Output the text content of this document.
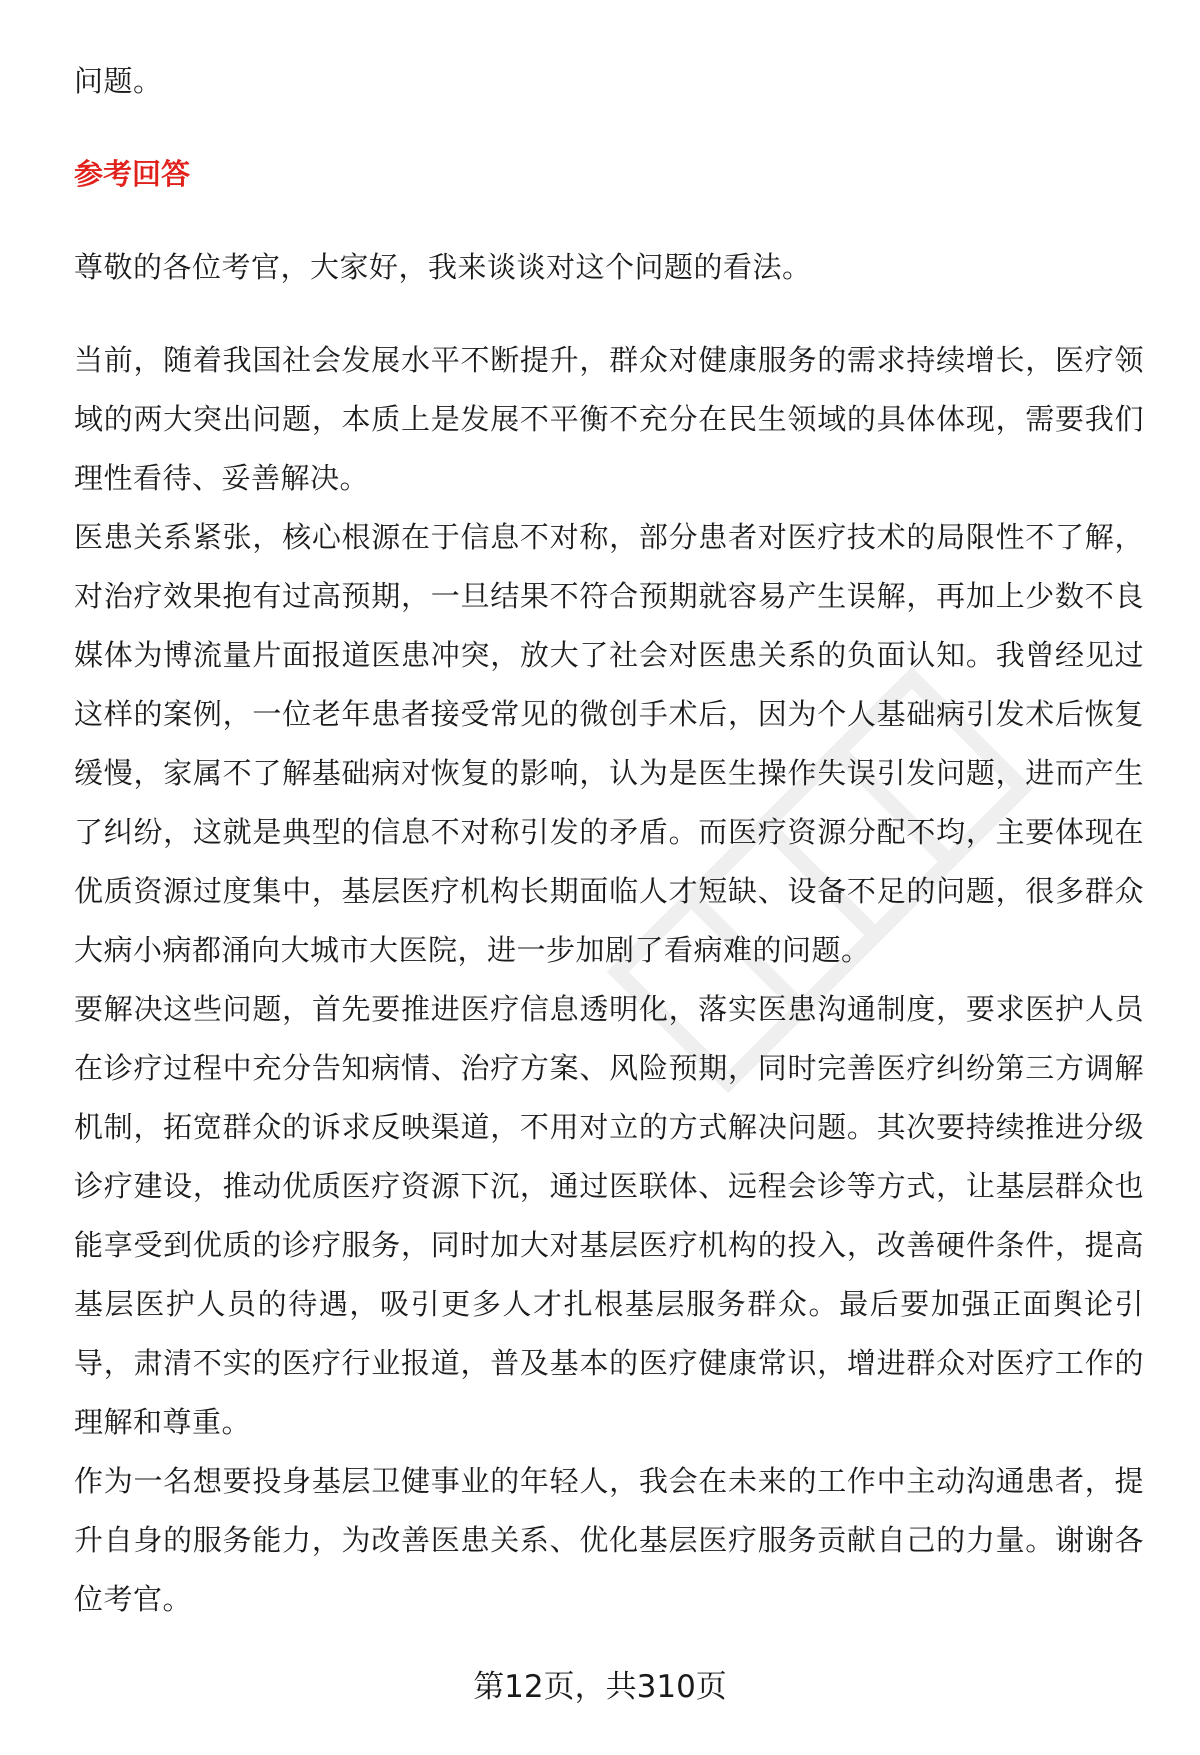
问题。

参考回答

尊敬的各位考官，大家好，我来谈谈对这个问题的看法。

当前，随着我国社会发展水平不断提升，群众对健康服务的需求持续增长，医疗领域的两大突出问题，本质上是发展不平衡不充分在民生领域的具体体现，需要我们理性看待、妥善解决。

医患关系紧张，核心根源在于信息不对称，部分患者对医疗技术的局限性不了解，对治疗效果抱有过高预期，一旦结果不符合预期就容易产生误解，再加上少数不良媒体为博流量片面报道医患冲突，放大了社会对医患关系的负面认知。我曾经见过这样的案例，一位老年患者接受常见的微创手术后，因为个人基础病引发术后恢复缓慢，家属不了解基础病对恢复的影响，认为是医生操作失误引发问题，进而产生了纠纷，这就是典型的信息不对称引发的矛盾。而医疗资源分配不均，主要体现在优质资源过度集中，基层医疗机构长期面临人才短缺、设备不足的问题，很多群众大病小病都涌向大城市大医院，进一步加剧了看病难的问题。

要解决这些问题，首先要推进医疗信息透明化，落实医患沟通制度，要求医护人员在诊疗过程中充分告知病情、治疗方案、风险预期，同时完善医疗纠纷第三方调解机制，拓宽群众的诉求反映渠道，不用对立的方式解决问题。其次要持续推进分级诊疗建设，推动优质医疗资源下沉，通过医联体、远程会诊等方式，让基层群众也能享受到优质的诊疗服务，同时加大对基层医疗机构的投入，改善硬件条件，提高基层医护人员的待遇，吸引更多人才扎根基层服务群众。最后要加强正面舆论引导，肃清不实的医疗行业报道，普及基本的医疗健康常识，增进群众对医疗工作的理解和尊重。

作为一名想要投身基层卫健事业的年轻人，我会在未来的工作中主动沟通患者，提升自身的服务能力，为改善医患关系、优化基层医疗服务贡献自己的力量。谢谢各位考官。

第12页，共310页
